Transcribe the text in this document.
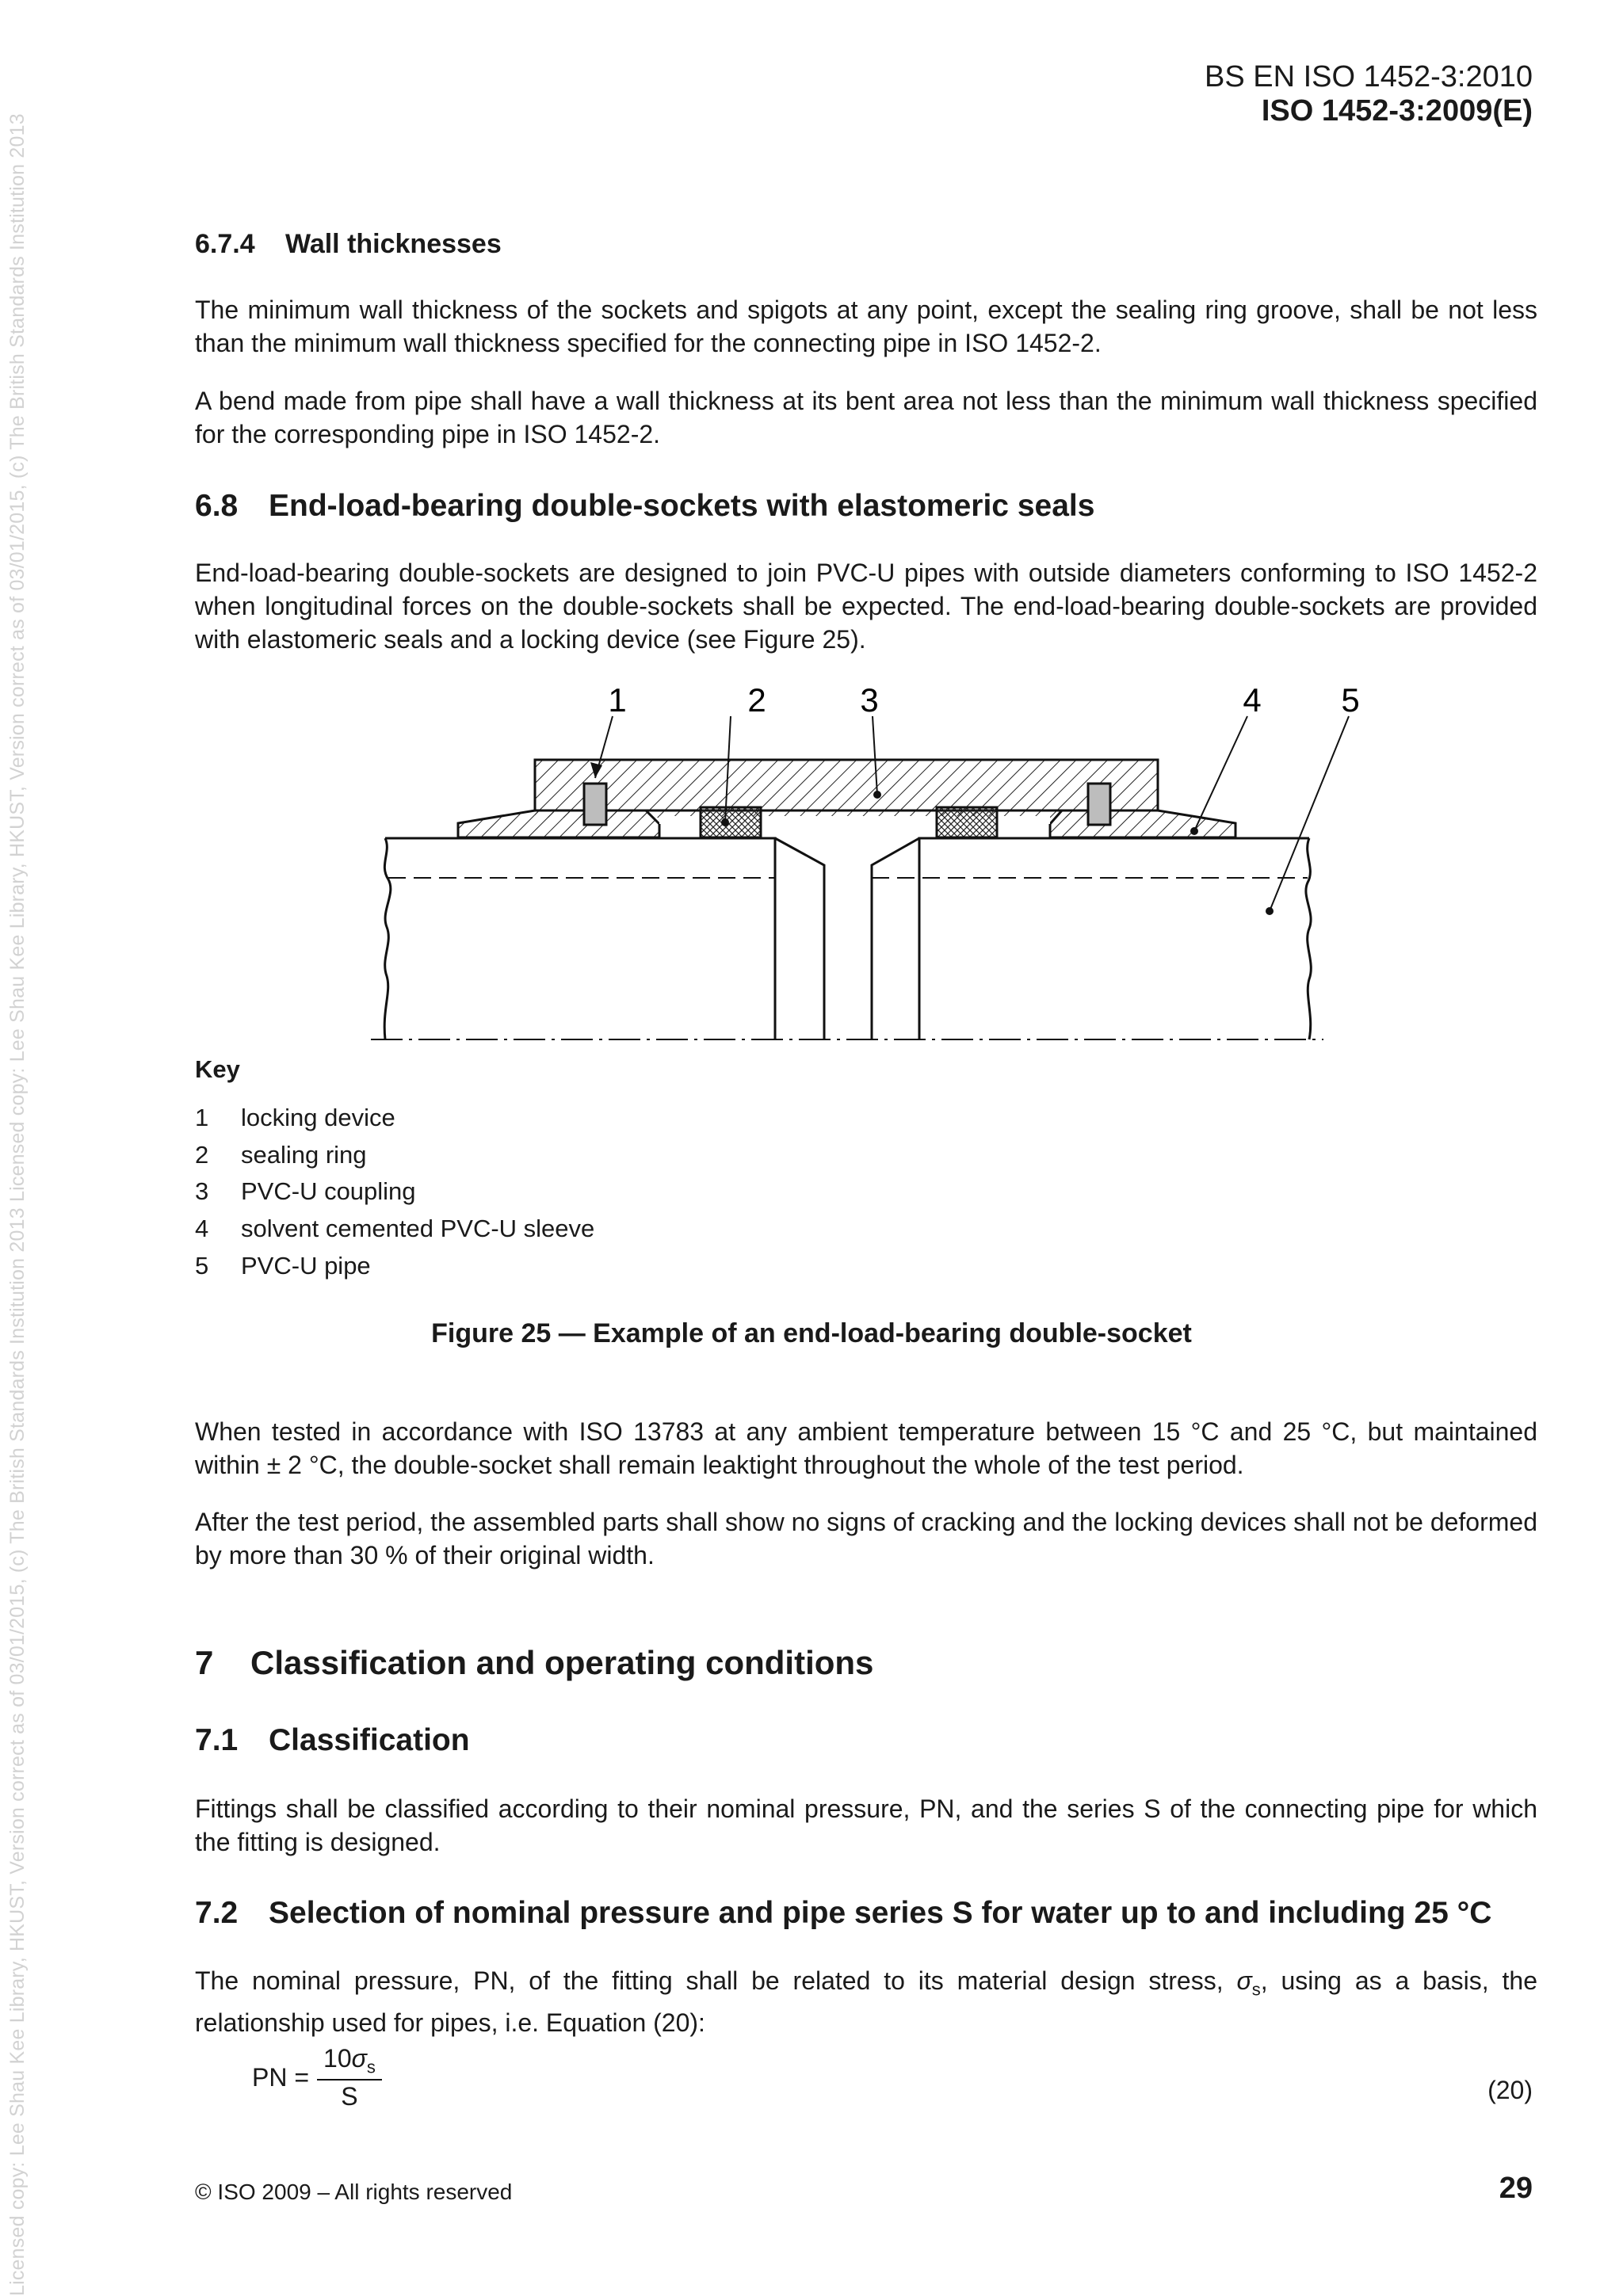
Licensed copy: Lee Shau Kee Library, HKUST, Version correct as of 03/01/2015, (c) The British Standards Institution 2013 Licensed copy: Lee Shau Kee Library, HKUST, Version correct as of 03/01/2015, (c) The British Standards Institution 2013
BS EN ISO 1452-3:2010
ISO 1452-3:2009(E)
6.7.4 Wall thicknesses

The minimum wall thickness of the sockets and spigots at any point, except the sealing ring groove, shall be not less than the minimum wall thickness specified for the connecting pipe in ISO 1452-2.

A bend made from pipe shall have a wall thickness at its bent area not less than the minimum wall thickness specified for the corresponding pipe in ISO 1452-2.

6.8 End-load-bearing double-sockets with elastomeric seals

End-load-bearing double-sockets are designed to join PVC-U pipes with outside diameters conforming to ISO 1452-2 when longitudinal forces on the double-sockets shall be expected. The end-load-bearing double-sockets are provided with elastomeric seals and a locking device (see Figure 25).

1	2	3	4 5
Key
1 locking device
2 sealing ring
3 PVC-U coupling
4 solvent cemented PVC-U sleeve
5 PVC-U pipe
Figure 25 — Example of an end-load-bearing double-socket

When tested in accordance with ISO 13783 at any ambient temperature between 15 °C and 25 °C, but maintained within ± 2 °C, the double-socket shall remain leaktight throughout the whole of the test period.

After the test period, the assembled parts shall show no signs of cracking and the locking devices shall not be deformed by more than 30 % of their original width.

7 Classification and operating conditions
7.1 Classification

Fittings shall be classified according to their nominal pressure, PN, and the series S of the connecting pipe for which the fitting is designed.

7.2 Selection of nominal pressure and pipe series S for water up to and including 25 °C

The nominal pressure, PN, of the fitting shall be related to its material design stress, $\sigma_s$, using as a basis, the relationship used for pipes, i.e. Equation (20):

PN =
$10\sigma_s$
S	(20)
© ISO 2009 – All rights reserved	29
